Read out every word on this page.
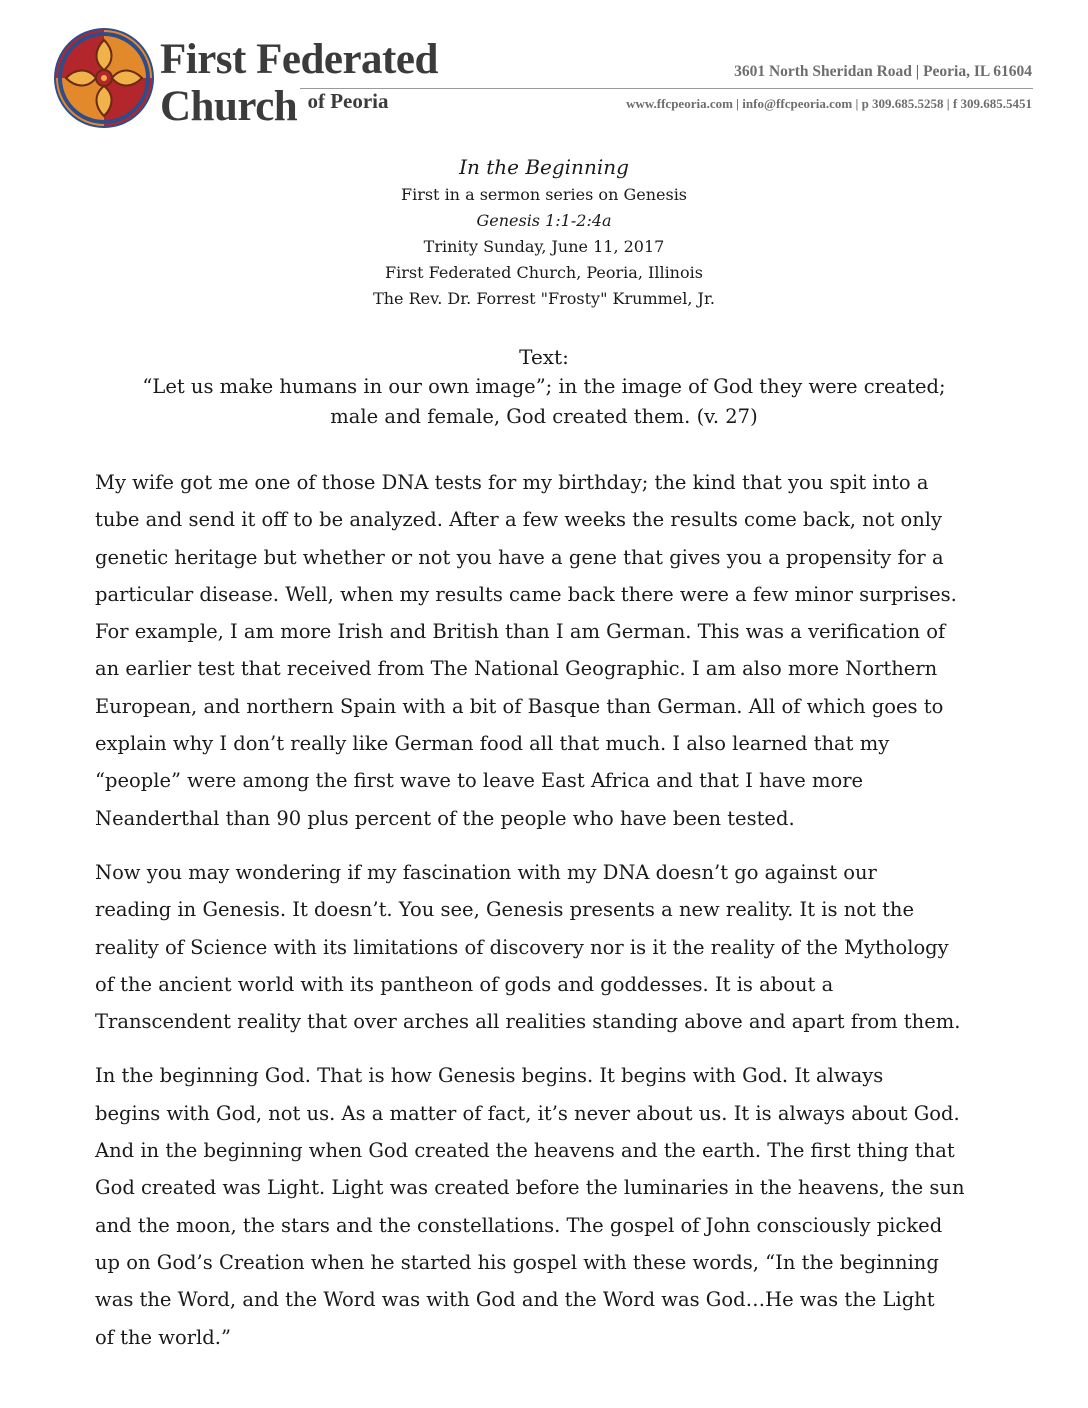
First Federated
Church $^{of Peoria}$
3601 North Sheridan Road | Peoria, IL 61604
www.ffcpeoria.com | info@ffcpeoria.com | p 309.685.5258 | f 309.685.5451
In the Beginning
First in a sermon series on Genesis
Genesis 1:1-2:4a
Trinity Sunday, June 11, 2017
First Federated Church, Peoria, Illinois
The Rev. Dr. Forrest "Frosty" Krummel, Jr.
Text:
“Let us make humans in our own image”; in the image of God they were created;
male and female, God created them. (v. 27)

My wife got me one of those DNA tests for my birthday; the kind that you spit into a
tube and send it off to be analyzed. After a few weeks the results come back, not only
genetic heritage but whether or not you have a gene that gives you a propensity for a
particular disease. Well, when my results came back there were a few minor surprises.
For example, I am more Irish and British than I am German. This was a verification of
an earlier test that received from The National Geographic. I am also more Northern
European, and northern Spain with a bit of Basque than German. All of which goes to
explain why I don’t really like German food all that much. I also learned that my
“people” were among the first wave to leave East Africa and that I have more
Neanderthal than 90 plus percent of the people who have been tested.

Now you may wondering if my fascination with my DNA doesn’t go against our
reading in Genesis. It doesn’t. You see, Genesis presents a new reality. It is not the
reality of Science with its limitations of discovery nor is it the reality of the Mythology
of the ancient world with its pantheon of gods and goddesses. It is about a
Transcendent reality that over arches all realities standing above and apart from them.

In the beginning God. That is how Genesis begins. It begins with God. It always
begins with God, not us. As a matter of fact, it’s never about us. It is always about God.
And in the beginning when God created the heavens and the earth. The first thing that
God created was Light. Light was created before the luminaries in the heavens, the sun
and the moon, the stars and the constellations. The gospel of John consciously picked
up on God’s Creation when he started his gospel with these words, “In the beginning
was the Word, and the Word was with God and the Word was God…He was the Light
of the world.”
